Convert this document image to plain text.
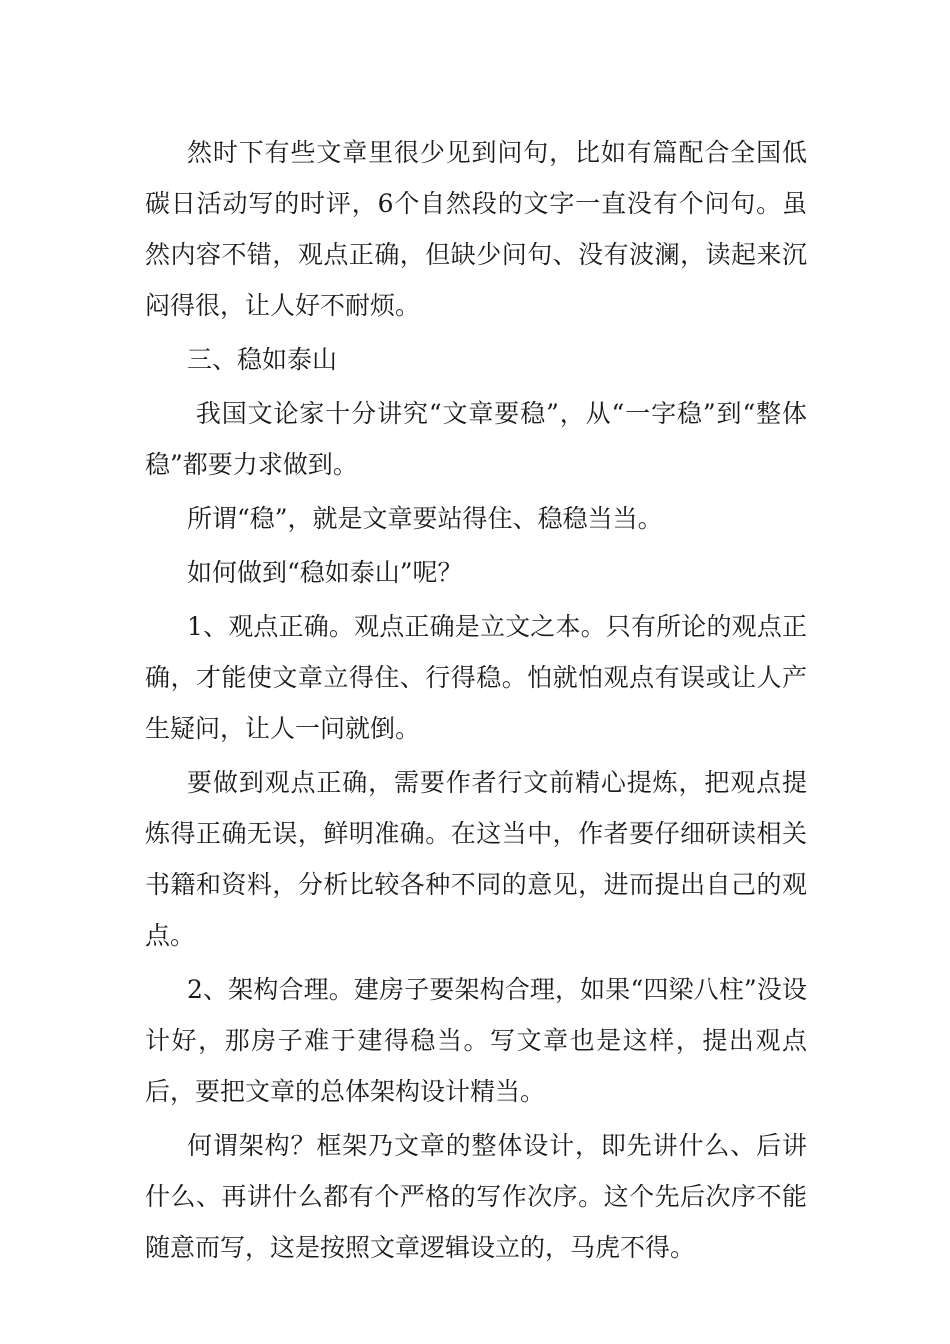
然时下有些文章里很少见到问句，比如有篇配合全国低碳日活动写的时评，6个自然段的文字一直没有个问句。虽然内容不错，观点正确，但缺少问句、没有波澜，读起来沉闷得很，让人好不耐烦。

三、稳如泰山

我国文论家十分讲究“文章要稳”，从“一字稳”到“整体稳”都要力求做到。

所谓“稳”，就是文章要站得住、稳稳当当。

如何做到“稳如泰山”呢？

1、观点正确。观点正确是立文之本。只有所论的观点正确，才能使文章立得住、行得稳。怕就怕观点有误或让人产生疑问，让人一问就倒。

要做到观点正确，需要作者行文前精心提炼，把观点提炼得正确无误，鲜明准确。在这当中，作者要仔细研读相关书籍和资料，分析比较各种不同的意见，进而提出自己的观点。

2、架构合理。建房子要架构合理，如果“四梁八柱”没设计好，那房子难于建得稳当。写文章也是这样，提出观点后，要把文章的总体架构设计精当。

何谓架构？框架乃文章的整体设计，即先讲什么、后讲什么、再讲什么都有个严格的写作次序。这个先后次序不能随意而写，这是按照文章逻辑设立的，马虎不得。
